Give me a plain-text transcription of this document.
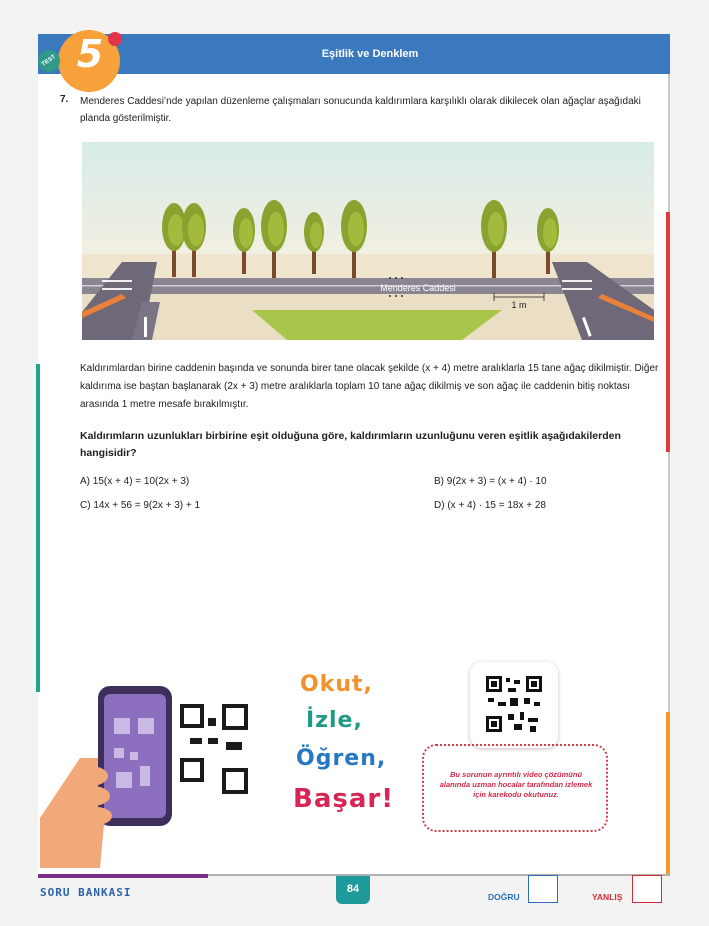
Eşitlik ve Denklem
5
TEST
7. Menderes Caddesi’nde yapılan düzenleme çalışmaları sonucunda kaldırımlara karşılıklı olarak dikilecek olan ağaçlar aşağıdaki planda gösterilmiştir.
Menderes Caddesi
1 m
Kaldırımlardan birine caddenin başında ve sonunda birer tane olacak şekilde (x + 4) metre aralıklarla 15 tane ağaç dikilmiştir. Diğer kaldırıma ise baştan başlanarak (2x + 3) metre aralıklarla toplam 10 tane ağaç dikilmiş ve son ağaç ile caddenin bitiş noktası arasında 1 metre mesafe bırakılmıştır.
Kaldırımların uzunlukları birbirine eşit olduğuna göre, kaldırımların uzunluğunu veren eşitlik aşağıdakilerden hangisidir?
A) 15(x + 4) = 10(2x + 3)	B) 9(2x + 3) = (x + 4) · 10
C) 14x + 56 = 9(2x + 3) + 1	D) (x + 4) · 15 = 18x + 28
Okut,
İzle,
Öğren,
Başar!
Bu sorunun ayrıntılı video çözümünü alanında uzman hocalar tarafından izlemek için karekodu okutunuz.
SORU BANKASI	84
DOĞRU	YANLIŞ
